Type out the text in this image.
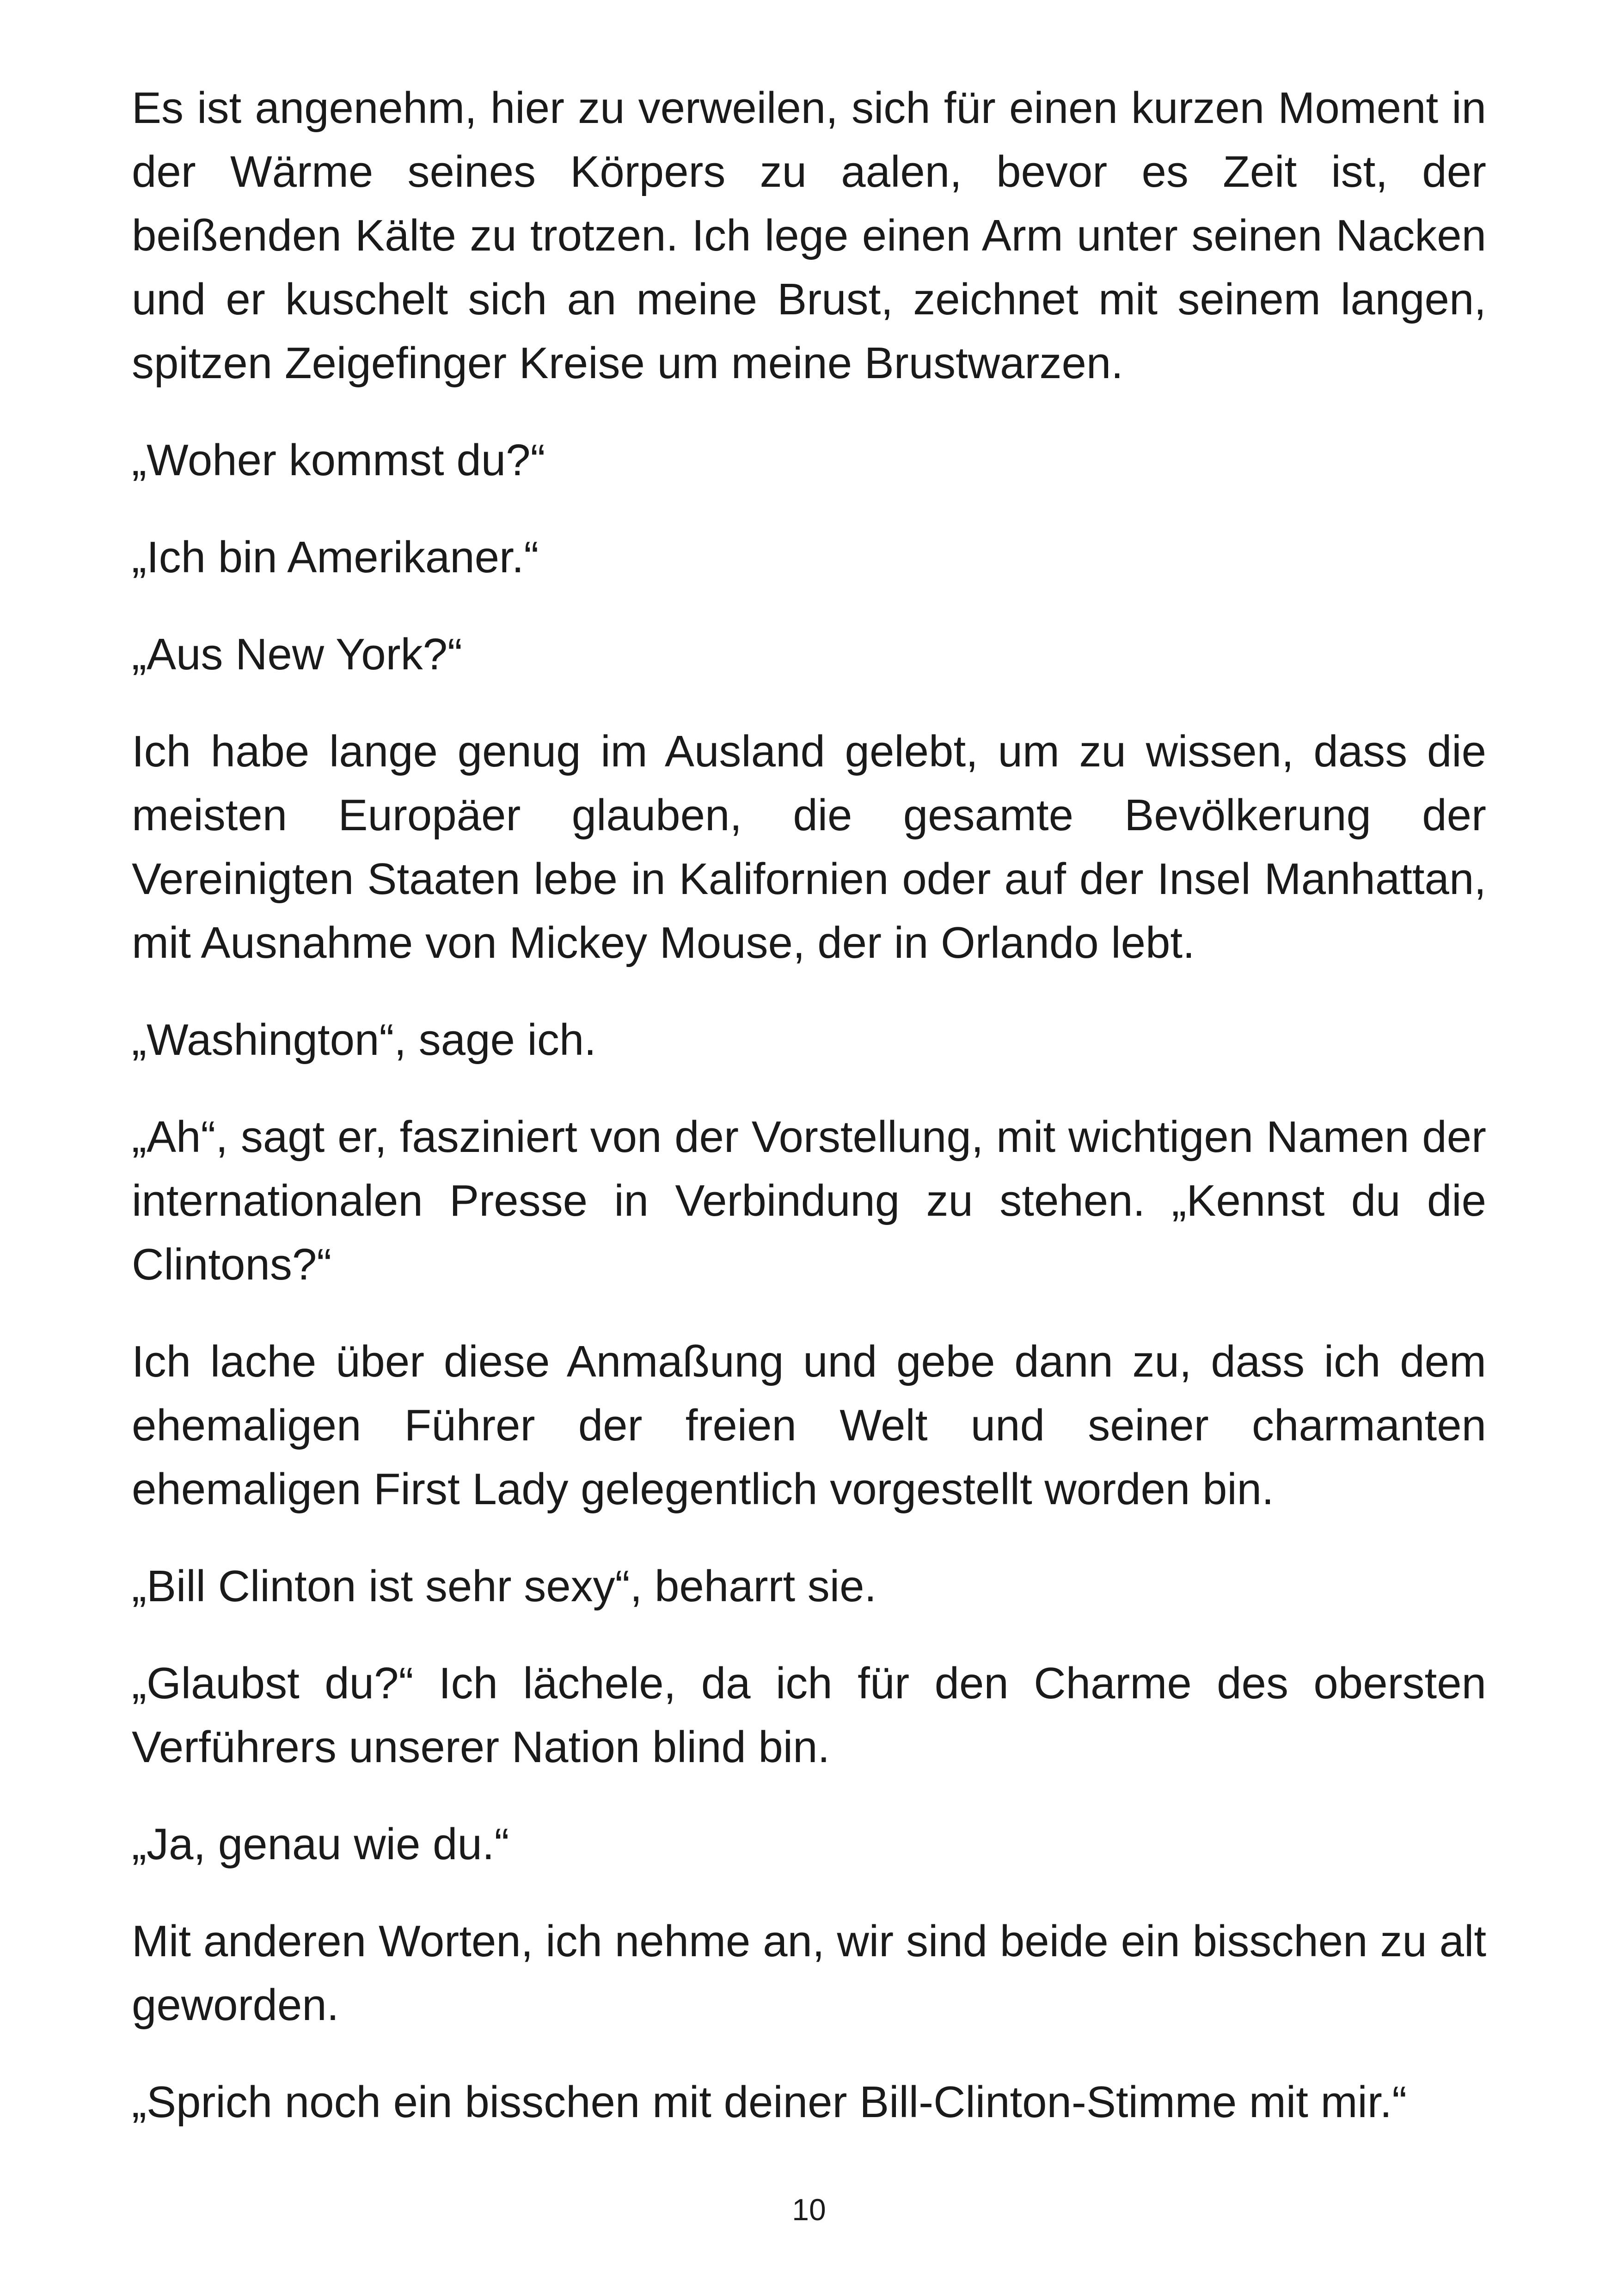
Es ist angenehm, hier zu verweilen, sich für einen kurzen Moment in der Wärme seines Körpers zu aalen, bevor es Zeit ist, der beißenden Kälte zu trotzen. Ich lege einen Arm unter seinen Nacken und er kuschelt sich an meine Brust, zeichnet mit seinem langen, spitzen Zeigefinger Kreise um meine Brustwarzen.

„Woher kommst du?“

„Ich bin Amerikaner.“

„Aus New York?“

Ich habe lange genug im Ausland gelebt, um zu wissen, dass die meisten Europäer glauben, die gesamte Bevölkerung der Vereinigten Staaten lebe in Kalifornien oder auf der Insel Manhattan, mit Ausnahme von Mickey Mouse, der in Orlando lebt.

„Washington“, sage ich.

„Ah“, sagt er, fasziniert von der Vorstellung, mit wichtigen Namen der internationalen Presse in Verbindung zu stehen. „Kennst du die Clintons?“

Ich lache über diese Anmaßung und gebe dann zu, dass ich dem ehemaligen Führer der freien Welt und seiner charmanten ehemaligen First Lady gelegentlich vorgestellt worden bin.

„Bill Clinton ist sehr sexy“, beharrt sie.

„Glaubst du?“ Ich lächele, da ich für den Charme des obersten Verführers unserer Nation blind bin.

„Ja, genau wie du.“

Mit anderen Worten, ich nehme an, wir sind beide ein bisschen zu alt geworden.

„Sprich noch ein bisschen mit deiner Bill-Clinton-Stimme mit mir.“

10
